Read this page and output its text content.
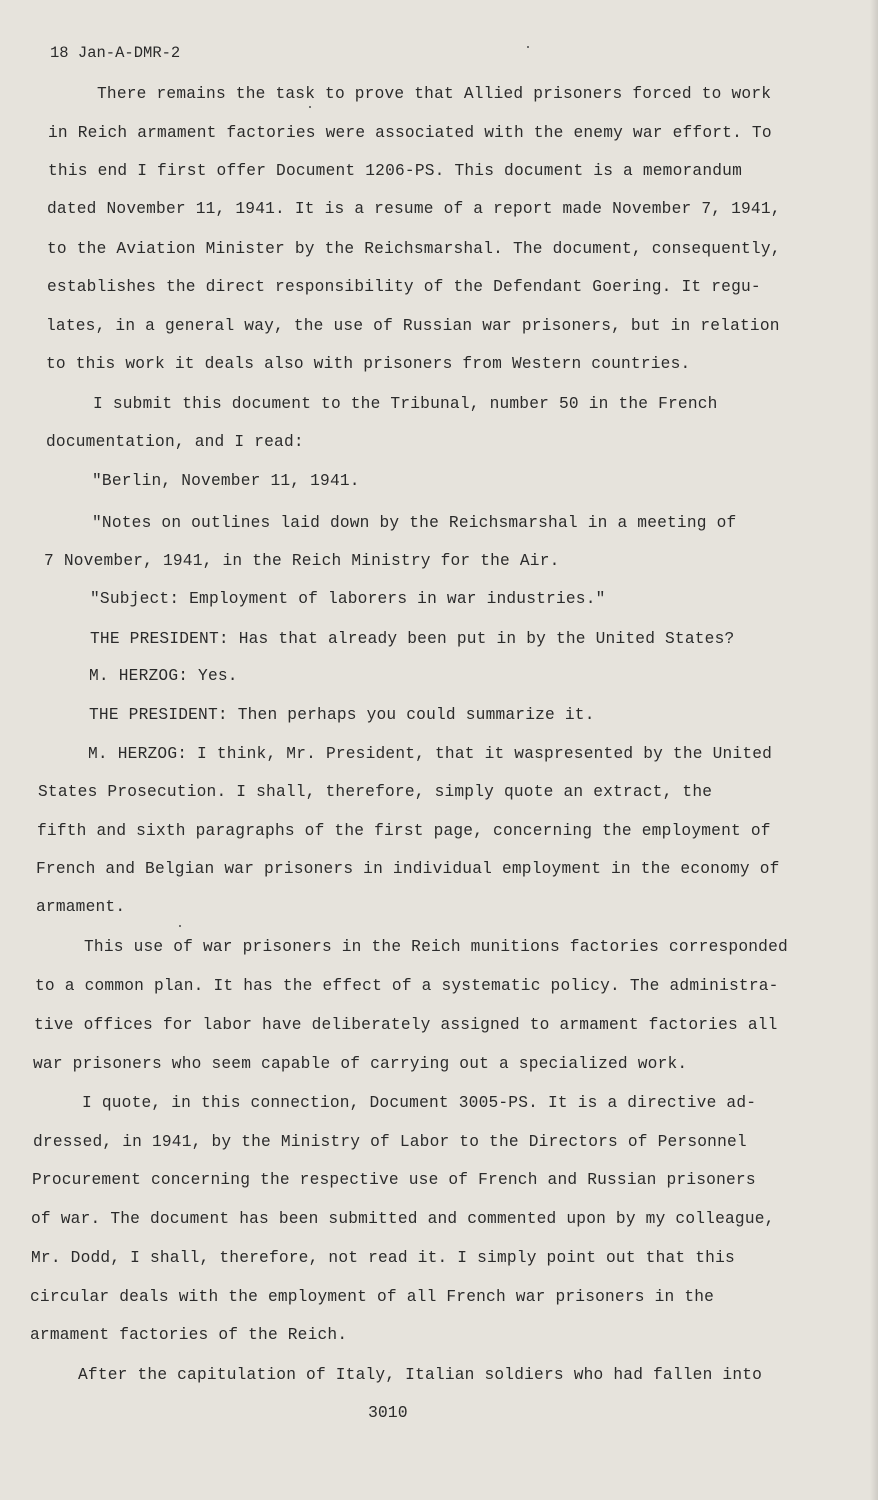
18 Jan-A-DMR-2
There remains the task to prove that Allied prisoners forced to work
in Reich armament factories were associated with the enemy war effort. To
this end I first offer Document 1206-PS. This document is a memorandum
dated November 11, 1941. It is a resume of a report made November 7, 1941,
to the Aviation Minister by the Reichsmarshal. The document, consequently,
establishes the direct responsibility of the Defendant Goering. It regu-
lates, in a general way, the use of Russian war prisoners, but in relation
to this work it deals also with prisoners from Western countries.
I submit this document to the Tribunal, number 50 in the French
documentation, and I read:
"Berlin, November 11, 1941.
"Notes on outlines laid down by the Reichsmarshal in a meeting of
7 November, 1941, in the Reich Ministry for the Air.
"Subject: Employment of laborers in war industries."
THE PRESIDENT: Has that already been put in by the United States?
M. HERZOG: Yes.
THE PRESIDENT: Then perhaps you could summarize it.
M. HERZOG: I think, Mr. President, that it waspresented by the United
States Prosecution. I shall, therefore, simply quote an extract, the
fifth and sixth paragraphs of the first page, concerning the employment of
French and Belgian war prisoners in individual employment in the economy of
armament.
This use of war prisoners in the Reich munitions factories corresponded
to a common plan. It has the effect of a systematic policy. The administra-
tive offices for labor have deliberately assigned to armament factories all
war prisoners who seem capable of carrying out a specialized work.
I quote, in this connection, Document 3005-PS. It is a directive ad-
dressed, in 1941, by the Ministry of Labor to the Directors of Personnel
Procurement concerning the respective use of French and Russian prisoners
of war. The document has been submitted and commented upon by my colleague,
Mr. Dodd, I shall, therefore, not read it. I simply point out that this
circular deals with the employment of all French war prisoners in the
armament factories of the Reich.
After the capitulation of Italy, Italian soldiers who had fallen into
3010
